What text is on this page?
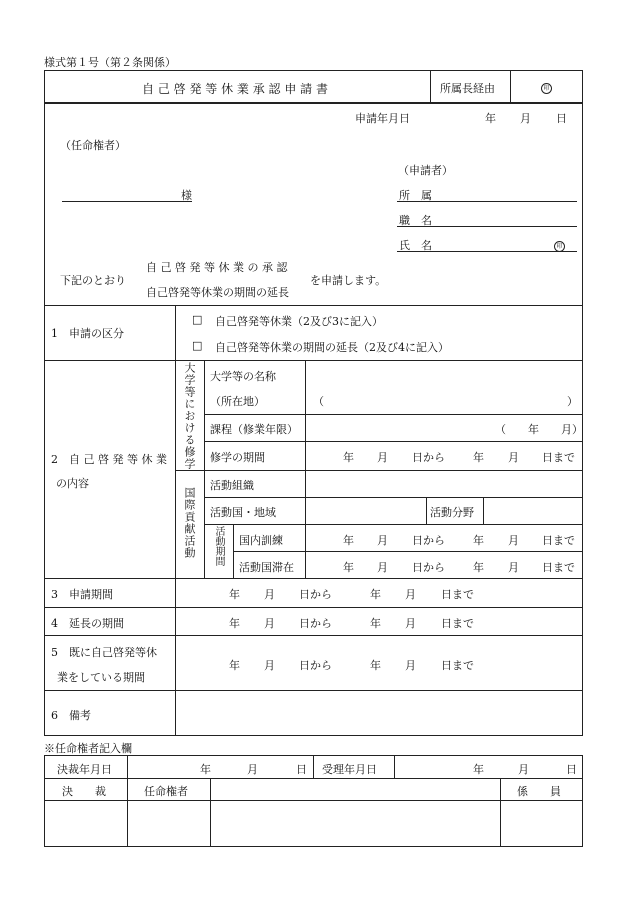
様式第１号（第２条関係）
自 己 啓 発 等 休 業 承 認 申 請 書	所属長経由	印
申請年月日	年 月 日
（任命権者）
（申請者）
様	所　属
職　名
氏　名	印
下記のとおり
自 己 啓 発 等 休 業 の 承 認
自己啓発等休業の期間の延長
を申請します。
1　申請の区分
□ 自己啓発等休業（2及び3に記入）
□ 自己啓発等休業の期間の延長（2及び4に記入）
2　自 己 啓 発 等 休 業
の内容
大学等における修学
国際貢献活動
大学等の名称
（所在地）	（	）
課程（修業年限）	（　　年　　月）
修学の期間	年 月 日から	年 月 日まで
活動組織
活動国・地域	活動分野
活動期間 国内訓練	年 月 日から	年 月 日まで
活動国滞在	年 月 日から	年 月 日まで
3　申請期間	年 月 日から	年 月 日まで
4　延長の期間	年 月 日から	年 月 日まで
5　既に自己啓発等休
業をしている期間
年 月 日から	年 月 日まで
6　備考
※任命権者記入欄
決裁年月日	年	月	日 受理年月日	年	月	日
決　　裁	任命権者	係　　員
